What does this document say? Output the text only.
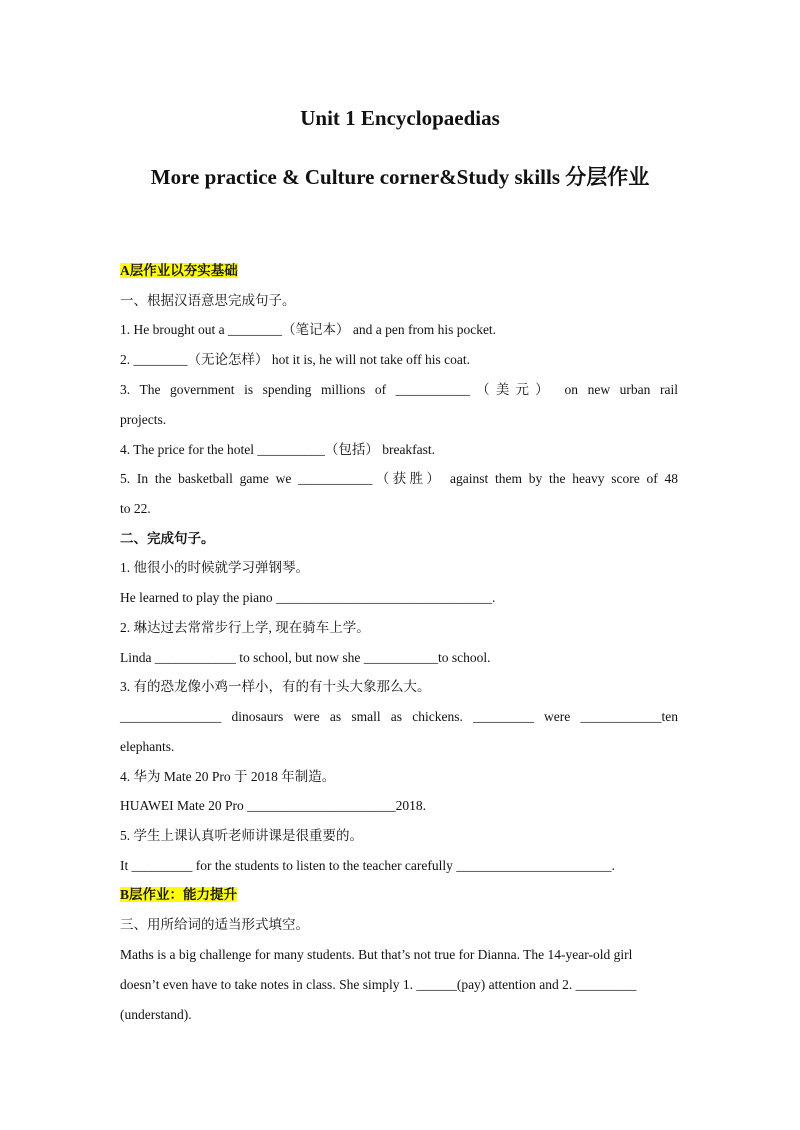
Unit 1 Encyclopaedias
More practice & Culture corner&Study skills 分层作业
A层作业以夯实基础
一、根据汉语意思完成句子。
1. He brought out a ________（笔记本） and a pen from his pocket.
2. ________（无论怎样） hot it is, he will not take off his coat.
3. The government is spending millions of ___________（美元） on new urban rail
projects.
4. The price for the hotel __________（包括） breakfast.
5. In the basketball game we ___________（获胜） against them by the heavy score of 48
to 22.
二、完成句子。
1. 他很小的时候就学习弹钢琴。
He learned to play the piano ________________________________.
2. 琳达过去常常步行上学, 现在骑车上学。
Linda ____________ to school, but now she ___________to school.
3. 有的恐龙像小鸡一样小，有的有十头大象那么大。
_______________ dinosaurs were as small as chickens. _________ were ____________ten
elephants.
4. 华为 Mate 20 Pro 于 2018 年制造。
HUAWEI Mate 20 Pro ______________________2018.
5. 学生上课认真听老师讲课是很重要的。
It _________ for the students to listen to the teacher carefully _______________________.
B层作业：能力提升
三、用所给词的适当形式填空。
Maths is a big challenge for many students. But that’s not true for Dianna. The 14-year-old girl
doesn’t even have to take notes in class. She simply 1. ______(pay) attention and 2. _________
(understand).
